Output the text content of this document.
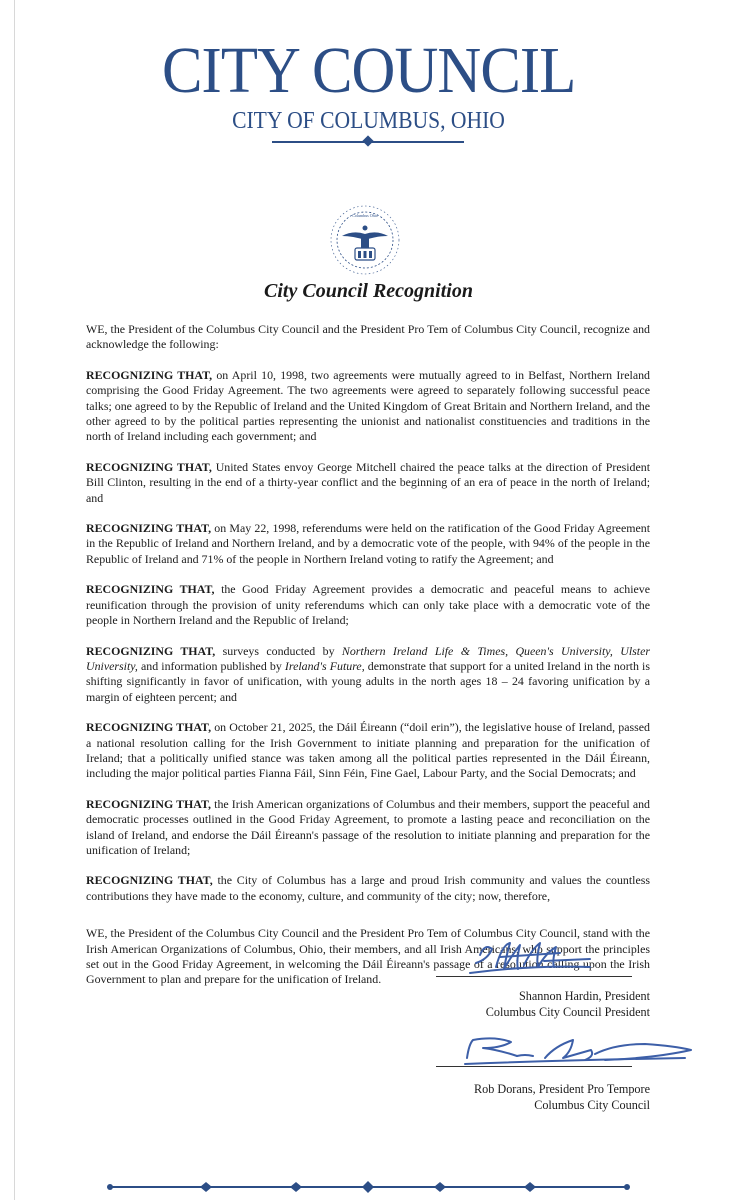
CITY COUNCIL
CITY OF COLUMBUS, OHIO
Columbus Ohio
City Council Recognition

WE, the President of the Columbus City Council and the President Pro Tem of Columbus City Council, recognize and acknowledge the following:

RECOGNIZING THAT, on April 10, 1998, two agreements were mutually agreed to in Belfast, Northern Ireland comprising the Good Friday Agreement. The two agreements were agreed to separately following successful peace talks; one agreed to by the Republic of Ireland and the United Kingdom of Great Britain and Northern Ireland, and the other agreed to by the political parties representing the unionist and nationalist constituencies and traditions in the north of Ireland including each government; and

RECOGNIZING THAT, United States envoy George Mitchell chaired the peace talks at the direction of President Bill Clinton, resulting in the end of a thirty-year conflict and the beginning of an era of peace in the north of Ireland; and

RECOGNIZING THAT, on May 22, 1998, referendums were held on the ratification of the Good Friday Agreement in the Republic of Ireland and Northern Ireland, and by a democratic vote of the people, with 94% of the people in the Republic of Ireland and 71% of the people in Northern Ireland voting to ratify the Agreement; and

RECOGNIZING THAT, the Good Friday Agreement provides a democratic and peaceful means to achieve reunification through the provision of unity referendums which can only take place with a democratic vote of the people in Northern Ireland and the Republic of Ireland;

RECOGNIZING THAT, surveys conducted by Northern Ireland Life & Times, Queen's University, Ulster University, and information published by Ireland's Future, demonstrate that support for a united Ireland in the north is shifting significantly in favor of unification, with young adults in the north ages 18 – 24 favoring unification by a margin of eighteen percent; and

RECOGNIZING THAT, on October 21, 2025, the Dáil Éireann (“doil erin”), the legislative house of Ireland, passed a national resolution calling for the Irish Government to initiate planning and preparation for the unification of Ireland; that a politically unified stance was taken among all the political parties represented in the Dáil Éireann, including the major political parties Fianna Fáil, Sinn Féin, Fine Gael, Labour Party, and the Social Democrats; and

RECOGNIZING THAT, the Irish American organizations of Columbus and their members, support the peaceful and democratic processes outlined in the Good Friday Agreement, to promote a lasting peace and reconciliation on the island of Ireland, and endorse the Dáil Éireann's passage of the resolution to initiate planning and preparation for the unification of Ireland;

RECOGNIZING THAT, the City of Columbus has a large and proud Irish community and values the countless contributions they have made to the economy, culture, and community of the city; now, therefore,

WE, the President of the Columbus City Council and the President Pro Tem of Columbus City Council, stand with the Irish American Organizations of Columbus, Ohio, their members, and all Irish Americans, who support the principles set out in the Good Friday Agreement, in welcoming the Dáil Éireann's passage of a resolution calling upon the Irish Government to plan and prepare for the unification of Ireland.

Shannon Hardin, President
Columbus City Council President
Rob Dorans, President Pro Tempore
Columbus City Council
